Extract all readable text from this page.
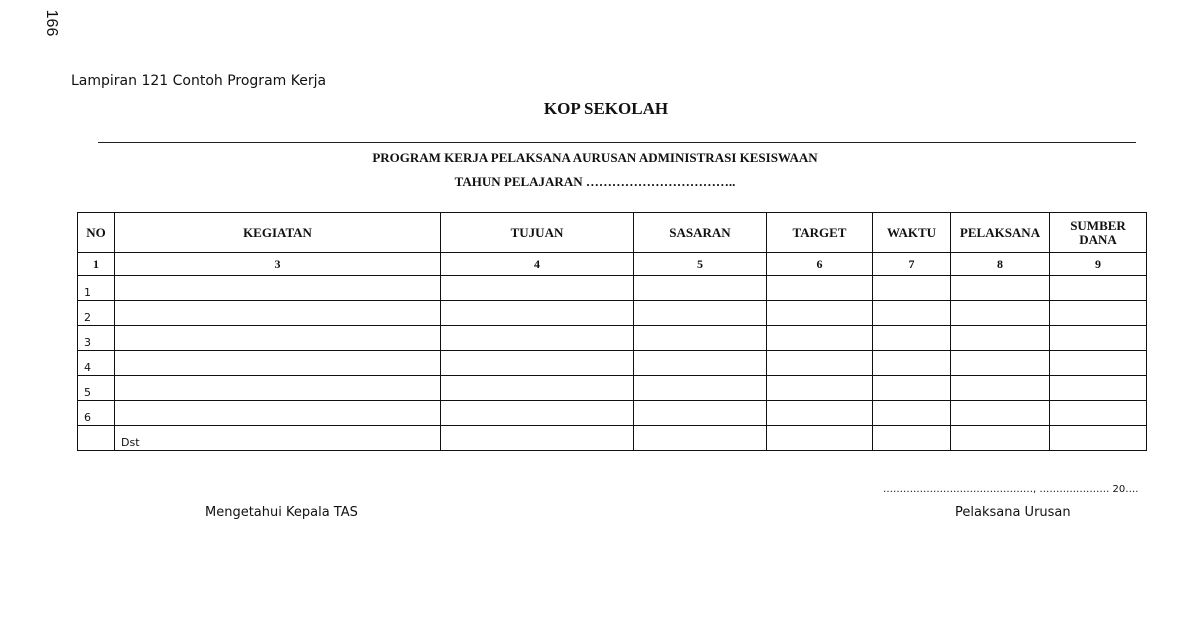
166
Lampiran 121 Contoh Program Kerja
KOP SEKOLAH
PROGRAM KERJA PELAKSANA AURUSAN ADMINISTRASI KESISWAAN
TAHUN PELAJARAN ……………………………..
NO	KEGIATAN	TUJUAN	SASARAN	TARGET	WAKTU	PELAKSANA	SUMBER DANA
1	3	4	5	6	7	8	9
1							
2							
3							
4							
5							
6							
	Dst						
………………………………………, ………………… 20….
Mengetahui Kepala TAS	Pelaksana Urusan
